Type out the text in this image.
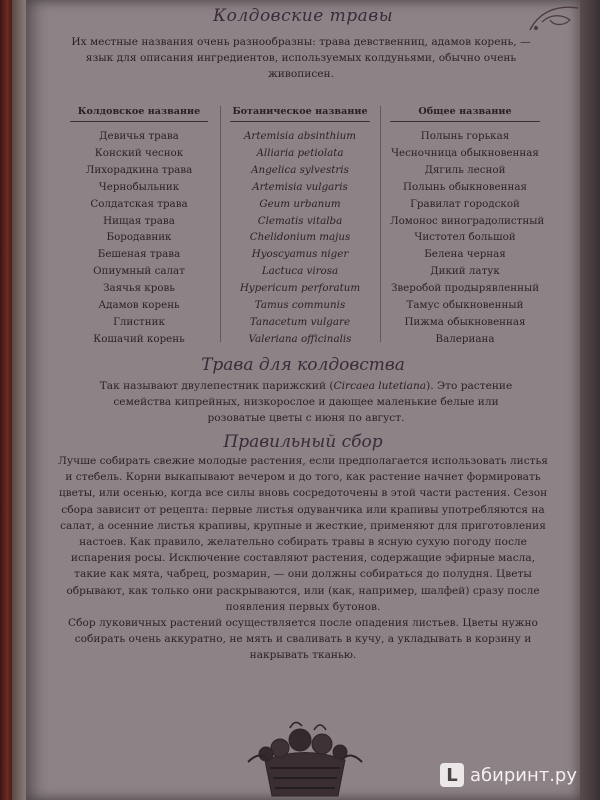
Колдовские травы
Их местные названия очень разнообразны: трава девственниц, адамов корень, — язык для описания ингредиентов, используемых колдуньями, обычно очень живописен.
Колдовское название
Девичья трава
Конский чеснок
Лихорадкина трава
Чернобыльник
Солдатская трава
Нищая трава
Бородавник
Бешеная трава
Опиумный салат
Заячья кровь
Адамов корень
Глистник
Кошачий корень
Ботаническое название
Artemisia absinthium
Alliaria petiolata
Angelica sylvestris
Artemisia vulgaris
Geum urbanum
Clematis vitalba
Chelidonium majus
Hyoscyamus niger
Lactuca virosa
Hypericum perforatum
Tamus communis
Tanacetum vulgare
Valeriana officinalis
Общее название
Полынь горькая
Чесночница обыкновенная
Дягиль лесной
Полынь обыкновенная
Гравилат городской
Ломонос виноградолистный
Чистотел большой
Белена черная
Дикий латук
Зверобой продырявленный
Тамус обыкновенный
Пижма обыкновенная
Валериана
Трава для колдовства
Так называют двулепестник парижский (Circaea lutetiana). Это растение семейства кипрейных, низкорослое и дающее маленькие белые или розоватые цветы с июня по август.
Правильный сбор
Лучше собирать свежие молодые растения, если предполагается использовать листья и стебель. Корни выкапывают вечером и до того, как растение начнет формировать цветы, или осенью, когда все силы вновь сосредоточены в этой части растения. Сезон сбора зависит от рецепта: первые листья одуванчика или крапивы употребляются на салат, а осенние листья крапивы, крупные и жесткие, применяют для приготовления настоев. Как правило, желательно собирать травы в ясную сухую погоду после испарения росы. Исключение составляют растения, содержащие эфирные масла, такие как мята, чабрец, розмарин, — они должны собираться до полудня. Цветы обрывают, как только они раскрываются, или (как, например, шалфей) сразу после появления первых бутонов.
Сбор луковичных растений осуществляется после опадения листьев. Цветы нужно собирать очень аккуратно, не мять и сваливать в кучу, а укладывать в корзину и накрывать тканью.
L абиринт.ру
